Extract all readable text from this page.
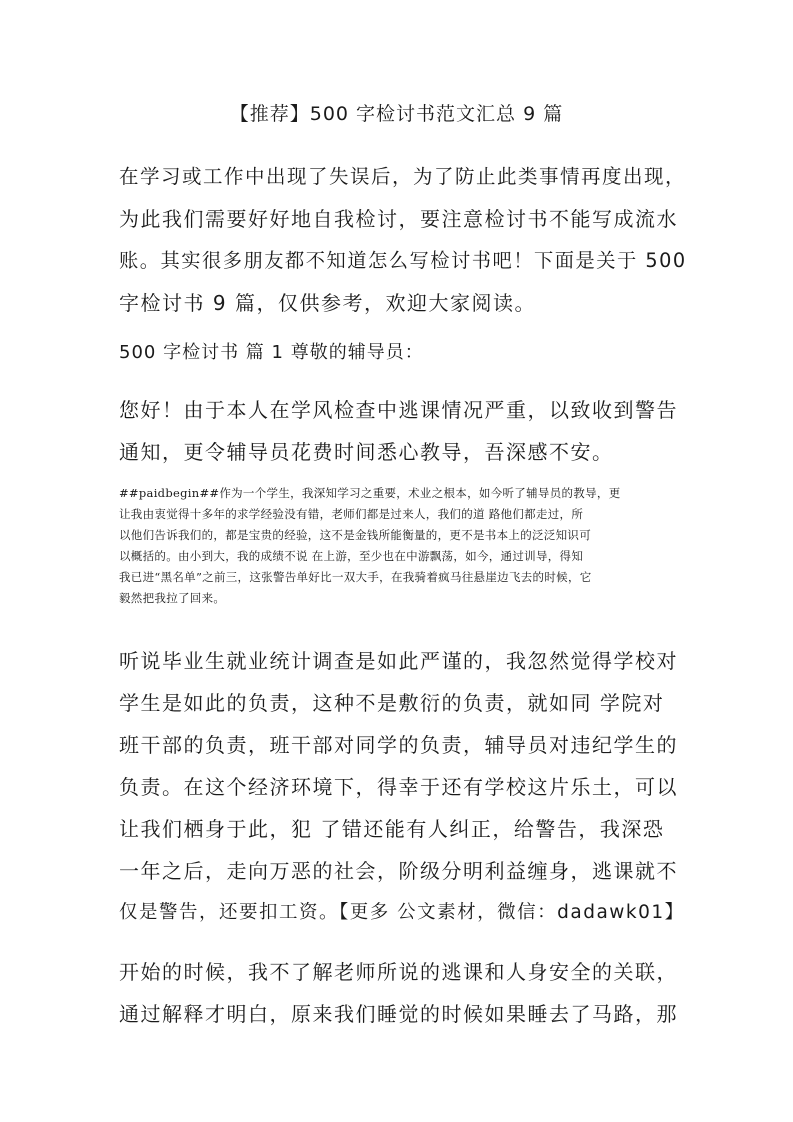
【推荐】500 字检讨书范文汇总 9 篇
在学习或工作中出现了失误后，为了防止此类事情再度出现，
为此我们需要好好地自我检讨，要注意检讨书不能写成流水
账。其实很多朋友都不知道怎么写检讨书吧！下面是关于 500
字检讨书 9 篇，仅供参考，欢迎大家阅读。
500 字检讨书 篇 1 尊敬的辅导员：
您好！由于本人在学风检查中逃课情况严重，以致收到警告
通知，更令辅导员花费时间悉心教导，吾深感不安。
##paidbegin##作为一个学生，我深知学习之重要，术业之根本，如今听了辅导员的教导，更
让我由衷觉得十多年的求学经验没有错，老师们都是过来人，我们的道 路他们都走过，所
以他们告诉我们的，都是宝贵的经验，这不是金钱所能衡量的，更不是书本上的泛泛知识可
以概括的。由小到大，我的成绩不说 在上游，至少也在中游飘荡，如今，通过训导，得知
我已进“黑名单”之前三，这张警告单好比一双大手，在我骑着疯马往悬崖边飞去的时候，它
毅然把我拉了回来。
听说毕业生就业统计调查是如此严谨的，我忽然觉得学校对
学生是如此的负责，这种不是敷衍的负责，就如同 学院对
班干部的负责，班干部对同学的负责，辅导员对违纪学生的
负责。在这个经济环境下，得幸于还有学校这片乐土，可以
让我们栖身于此，犯 了错还能有人纠正，给警告，我深恐
一年之后，走向万恶的社会，阶级分明利益缠身，逃课就不
仅是警告，还要扣工资。【更多 公文素材，微信：dadawk01】
开始的时候，我不了解老师所说的逃课和人身安全的关联，
通过解释才明白，原来我们睡觉的时候如果睡去了马路，那
